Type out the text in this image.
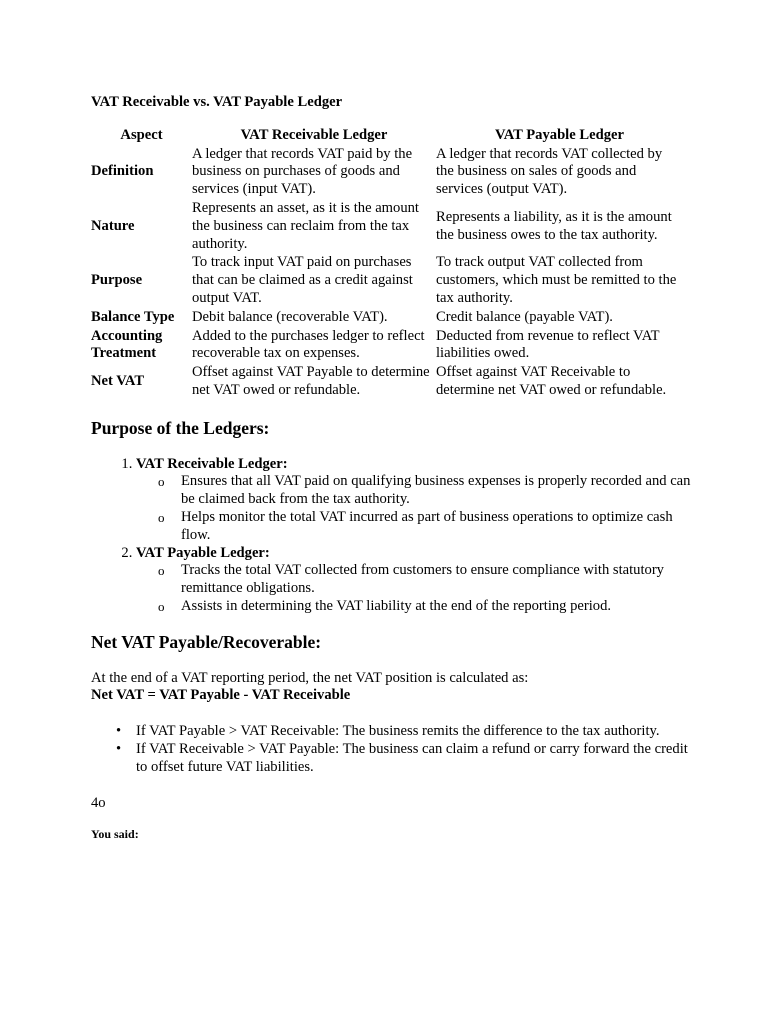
VAT Receivable vs. VAT Payable Ledger
Aspect	VAT Receivable Ledger	VAT Payable Ledger
Definition	A ledger that records VAT paid by the business on purchases of goods and services (input VAT).	A ledger that records VAT collected by the business on sales of goods and services (output VAT).
Nature	Represents an asset, as it is the amount the business can reclaim from the tax authority.	Represents a liability, as it is the amount the business owes to the tax authority.
Purpose	To track input VAT paid on purchases that can be claimed as a credit against output VAT.	To track output VAT collected from customers, which must be remitted to the tax authority.
Balance Type	Debit balance (recoverable VAT).	Credit balance (payable VAT).
Accounting Treatment	Added to the purchases ledger to reflect recoverable tax on expenses.	Deducted from revenue to reflect VAT liabilities owed.
Net VAT	Offset against VAT Payable to determine net VAT owed or refundable.	Offset against VAT Receivable to determine net VAT owed or refundable.
Purpose of the Ledgers:
1. VAT Receivable Ledger:
o Ensures that all VAT paid on qualifying business expenses is properly recorded and can be claimed back from the tax authority.
o Helps monitor the total VAT incurred as part of business operations to optimize cash flow.
2. VAT Payable Ledger:
o Tracks the total VAT collected from customers to ensure compliance with statutory remittance obligations.
o Assists in determining the VAT liability at the end of the reporting period.
Net VAT Payable/Recoverable:
At the end of a VAT reporting period, the net VAT position is calculated as:
Net VAT = VAT Payable - VAT Receivable
• If VAT Payable > VAT Receivable: The business remits the difference to the tax authority.
• If VAT Receivable > VAT Payable: The business can claim a refund or carry forward the credit to offset future VAT liabilities.
4o
You said:
